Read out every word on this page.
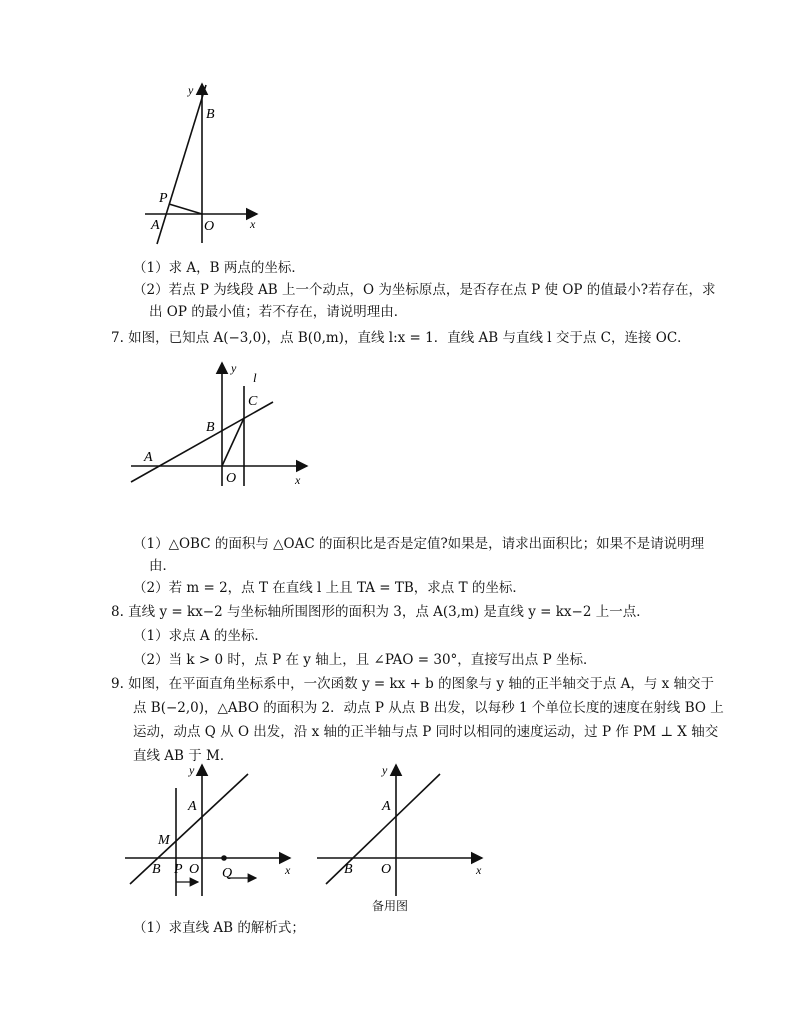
y
B
P
A	O	x
（1）求 A，B 两点的坐标．
（2）若点 P 为线段 AB 上一个动点，O 为坐标原点，是否存在点 P 使 OP 的值最小?若存在，求
出 OP 的最小值；若不存在，请说明理由．
7. 如图，已知点 A(−3,0)，点 B(0,m)，直线 l:x = 1．直线 AB 与直线 l 交于点 C，连接 OC．
y
l
C
B
A
O	x
（1）△OBC 的面积与 △OAC 的面积比是否是定值?如果是，请求出面积比；如果不是请说明理
由．
（2）若 m = 2，点 T 在直线 l 上且 TA = TB，求点 T 的坐标．
8. 直线 y = kx−2 与坐标轴所围图形的面积为 3，点 A(3,m) 是直线 y = kx−2 上一点．
（1）求点 A 的坐标．
（2）当 k > 0 时，点 P 在 y 轴上，且 ∠PAO = 30°，直接写出点 P 坐标．
9. 如图，在平面直角坐标系中，一次函数 y = kx + b 的图象与 y 轴的正半轴交于点 A，与 x 轴交于
点 B(−2,0)，△ABO 的面积为 2．动点 P 从点 B 出发，以每秒 1 个单位长度的速度在射线 BO 上
运动，动点 Q 从 O 出发，沿 x 轴的正半轴与点 P 同时以相同的速度运动，过 P 作 PM ⊥ X 轴交
直线 AB 于 M．
y
A
M
B P O Q	x
y
A
B O	x
备用图
（1）求直线 AB 的解析式；
